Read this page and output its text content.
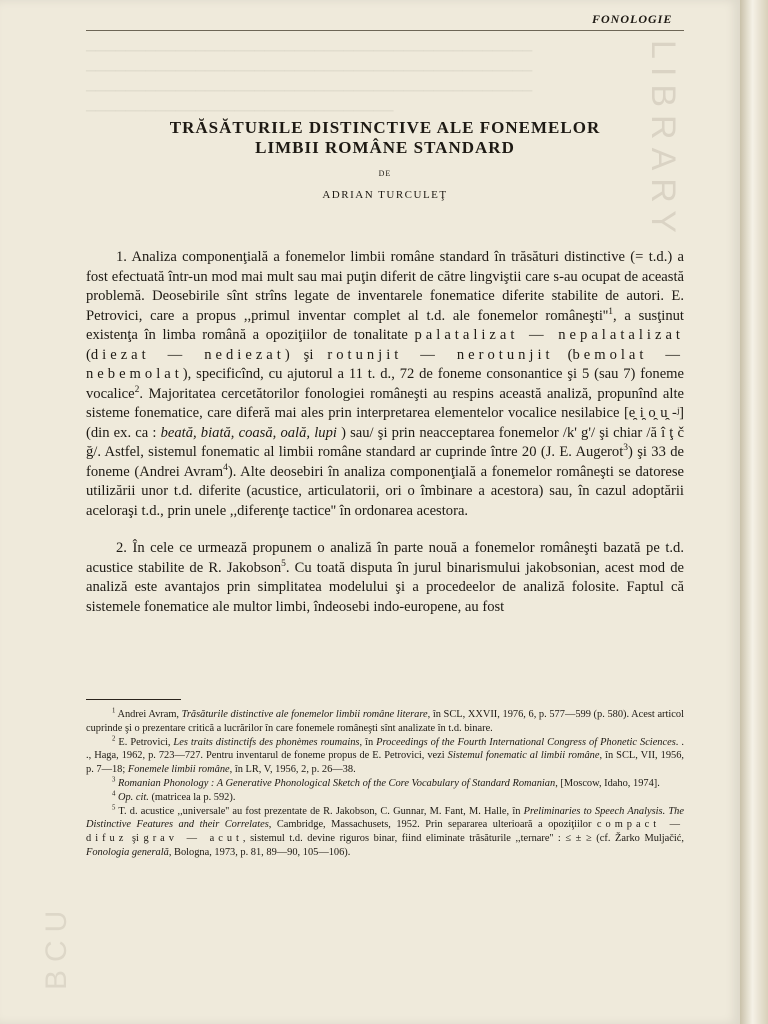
─────────────────────────────────────────────
─────────────────────────────────────────────
─────────────────────────────────────────────
───────────────────────────────
FONOLOGIE
TRĂSĂTURILE DISTINCTIVE ALE FONEMELOR
LIMBII ROMÂNE STANDARD
DE
ADRIAN TURCULEŢ

1. Analiza componenţială a fonemelor limbii române standard în trăsături distinctive (= t.d.) a fost efectuată într-un mod mai mult sau mai puţin diferit de către lingviştii care s-au ocupat de această problemă. Deosebirile sînt strîns legate de inventarele fonematice diferite stabilite de autori. E. Petrovici, care a propus ,,primul inventar complet al t.d. ale fonemelor $româneşti''^1$, a susţinut existenţa în limba română a opoziţiilor de tonalitate palatalizat — nepalatalizat (diezat — nediezat) şi rotunjit — nerotunjit (bemolat — nebemolat), specificînd, cu ajutorul a 11 t. d., 72 de foneme consonantice şi 5 (sau 7) foneme vocalice$^2$. Majoritatea cercetătorilor fonologiei româneşti au respins această analiză, propunînd alte sisteme fonematice, care diferă mai ales prin interpretarea elementelor vocalice nesilabice [e̯ i̯ o̯ u̯ -ʲ] (din ex. ca : beată, biată, coasă, oală, lupi ) sau/ şi prin neacceptarea fonemelor /k' g'/ şi chiar /ă î ţ č ğ/. Astfel, sistemul fonematic al limbii române standard ar cuprinde între 20 (J. E. Augerot$^3$) şi 33 de foneme (Andrei Avram$^4$). Alte deosebiri în analiza componenţială a fonemelor româneşti se datorese utilizării unor t.d. diferite (acustice, articulatorii, ori o îmbinare a acestora) sau, în cazul adoptării aceloraşi t.d., prin unele ,,diferenţe tactice'' în ordonarea acestora.

2. În cele ce urmează propunem o analiză în parte nouă a fonemelor româneşti bazată pe t.d. acustice stabilite de R. Jakobson$^5$. Cu toată disputa în jurul binarismului jakobsonian, acest mod de analiză este avantajos prin simplitatea modelului şi a procedeelor de analiză folosite. Faptul că sistemele fonematice ale multor limbi, îndeosebi indo-europene, au fost

$^1$ Andrei Avram, Trăsăturile distinctive ale fonemelor limbii române literare, în SCL, XXVII, 1976, 6, p. 577—599 (p. 580). Acest articol cuprinde şi o prezentare critică a lucrărilor în care fonemele româneşti sînt analizate în t.d. binare.

$^2$ E. Petrovici, Les traits distinctifs des phonèmes roumains, în Proceedings of the Fourth International Congress of Phonetic Sciences. . ., Haga, 1962, p. 723—727. Pentru inventarul de foneme propus de E. Petrovici, vezi Sistemul fonematic al limbii române, în SCL, VII, 1956, p. 7—18; Fonemele limbii române, în LR, V, 1956, 2, p. 26—38.

$^3$ Romanian Phonology : A Generative Phonological Sketch of the Core Vocabulary of Standard Romanian, [Moscow, Idaho, 1974].

$^4$ Op. cit. (matricea la p. 592).

$^5$ T. d. acustice ,,universale'' au fost prezentate de R. Jakobson, C. Gunnar, M. Fant, M. Halle, în Preliminaries to Speech Analysis. The Distinctive Features and their Correlates, Cambridge, Massachusets, 1952. Prin separarea ulterioară a opoziţiilor compact — difuz şi grav — acut, sistemul t.d. devine riguros binar, fiind eliminate trăsăturile ,,ternare'' : ≤ ± ≥ (cf. Žarko Muljačić, Fonologia generală, Bologna, 1973, p. 81, 89—90, 105—106).

LIBRARY
BCU
